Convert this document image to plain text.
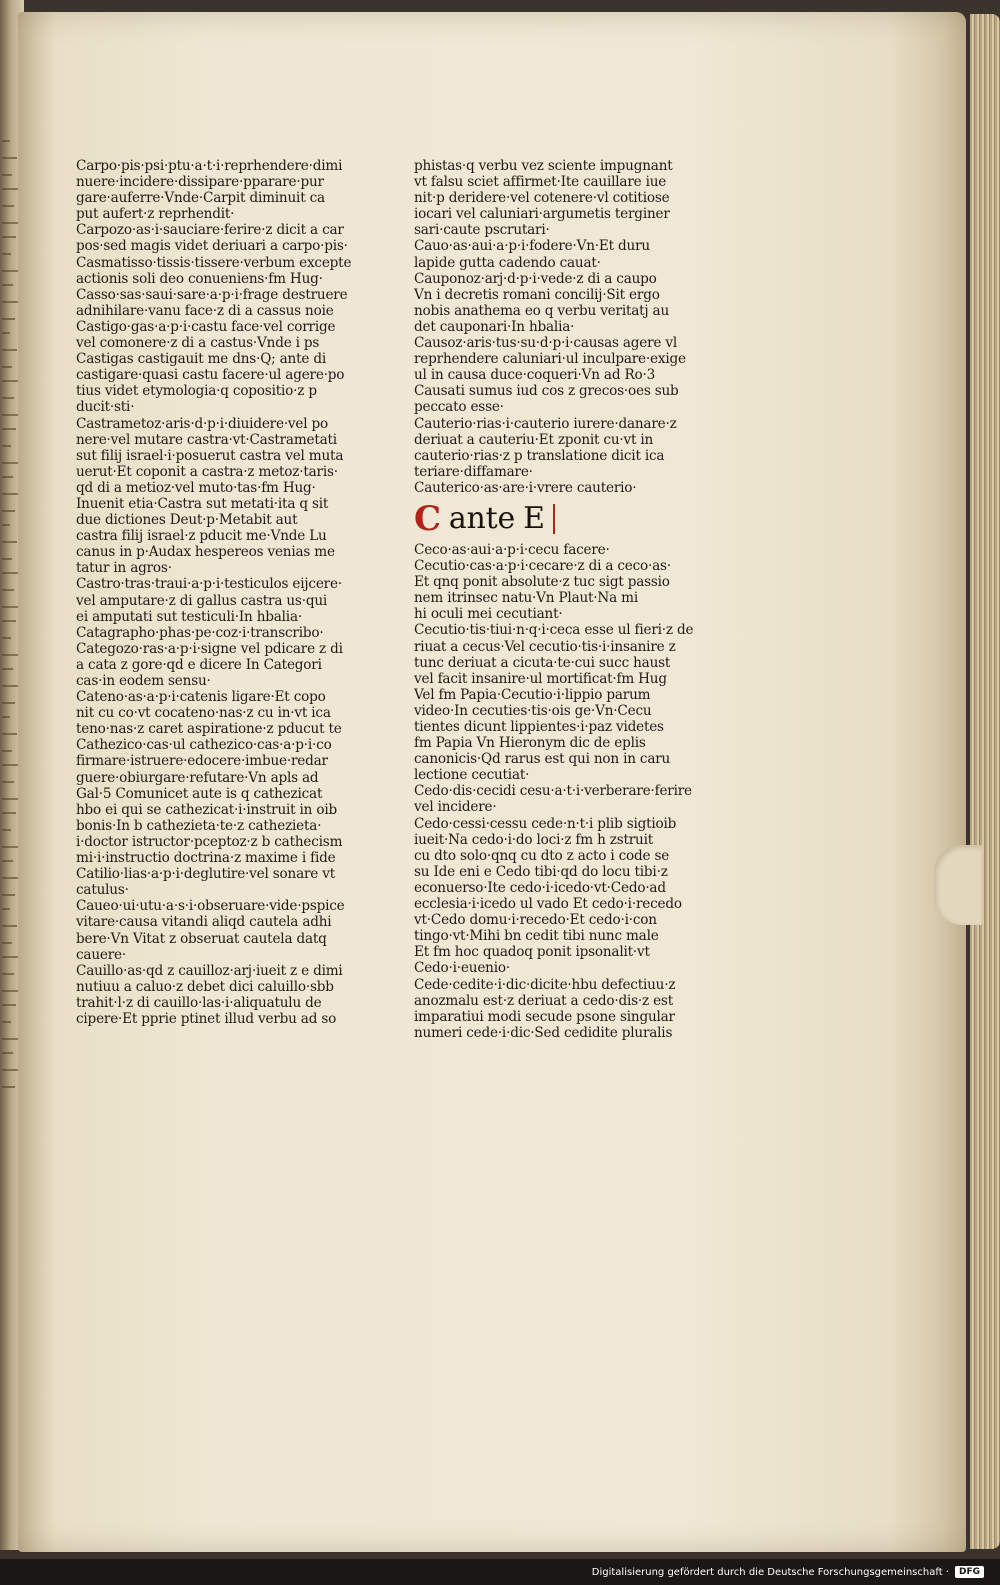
Carpo·pis·psi·ptu·a·t·i·reprhendere·dimi

nuere·incidere·dissipare·pparare·pur

gare·auferre·Vnde·Carpit diminuit ca

put aufert·z reprhendit·

Carpozo·as·i·sauciare·ferire·z dicit a car

pos·sed magis videt deriuari a carpo·pis·

Casmatisso·tissis·tissere·verbum excepte

actionis soli deo conueniens·fm Hug·

Casso·sas·saui·sare·a·p·i·frage destruere

adnihilare·vanu face·z di a cassus noie

Castigo·gas·a·p·i·castu face·vel corrige

vel comonere·z di a castus·Vnde i ps

Castigas castigauit me dns·Q; ante di

castigare·quasi castu facere·ul agere·po

tius videt etymologia·q copositio·z p

ducit·sti·

Castrametoz·aris·d·p·i·diuidere·vel po

nere·vel mutare castra·vt·Castrametati

sut filij israel·i·posuerut castra vel muta

uerut·Et coponit a castra·z metoz·taris·

qd di a metioz·vel muto·tas·fm Hug·

Inuenit etia·Castra sut metati·ita q sit

due dictiones Deut·p·Metabit aut

castra filij israel·z pducit me·Vnde Lu

canus in p·Audax hespereos venias me

tatur in agros·

Castro·tras·traui·a·p·i·testiculos eijcere·

vel amputare·z di gallus castra us·qui

ei amputati sut testiculi·In hbalia·

Catagrapho·phas·pe·coz·i·transcribo·

Categozo·ras·a·p·i·signe vel pdicare z di

a cata z gore·qd e dicere In Categori

cas·in eodem sensu·

Cateno·as·a·p·i·catenis ligare·Et copo

nit cu co·vt cocateno·nas·z cu in·vt ica

teno·nas·z caret aspiratione·z pducut te

Cathezico·cas·ul cathezico·cas·a·p·i·co

firmare·istruere·edocere·imbue·redar

guere·obiurgare·refutare·Vn apls ad

Gal·5 Comunicet aute is q cathezicat

hbo ei qui se cathezicat·i·instruit in oib

bonis·In b cathezieta·te·z cathezieta·

i·doctor istructor·pceptoz·z b cathecism

mi·i·instructio doctrina·z maxime i fide

Catilio·lias·a·p·i·deglutire·vel sonare vt

catulus·

Caueo·ui·utu·a·s·i·obseruare·vide·pspice

vitare·causa vitandi aliqd cautela adhi

bere·Vn Vitat z obseruat cautela datq

cauere·

Cauillo·as·qd z cauilloz·arj·iueit z e dimi

nutiuu a caluo·z debet dici caluillo·sbb

trahit·l·z di cauillo·las·i·aliquatulu de

cipere·Et pprie ptinet illud verbu ad so

phistas·q verbu vez sciente impugnant

vt falsu sciet affirmet·Ite cauillare iue

nit·p deridere·vel cotenere·vl cotitiose

iocari vel caluniari·argumetis terginer

sari·caute pscrutari·

Cauo·as·aui·a·p·i·fodere·Vn·Et duru

lapide gutta cadendo cauat·

Cauponoz·arj·d·p·i·vede·z di a caupo

Vn i decretis romani concilij·Sit ergo

nobis anathema eo q verbu veritatj au

det cauponari·In hbalia·

Causoz·aris·tus·su·d·p·i·causas agere vl

reprhendere caluniari·ul inculpare·exige

ul in causa duce·coqueri·Vn ad Ro·3

Causati sumus iud cos z grecos·oes sub

peccato esse·

Cauterio·rias·i·cauterio iurere·danare·z

deriuat a cauteriu·Et zponit cu·vt in

cauterio·rias·z p translatione dicit ica

teriare·diffamare·

Cauterico·as·are·i·vrere cauterio·

C ante E

Ceco·as·aui·a·p·i·cecu facere·

Cecutio·cas·a·p·i·cecare·z di a ceco·as·

Et qnq ponit absolute·z tuc sigt passio

nem itrinsec natu·Vn Plaut·Na mi

hi oculi mei cecutiant·

Cecutio·tis·tiui·n·q·i·ceca esse ul fieri·z de

riuat a cecus·Vel cecutio·tis·i·insanire z

tunc deriuat a cicuta·te·cui succ haust

vel facit insanire·ul mortificat·fm Hug

Vel fm Papia·Cecutio·i·lippio parum

video·In cecuties·tis·ois ge·Vn·Cecu

tientes dicunt lippientes·i·paz videtes

fm Papia Vn Hieronym dic de eplis

canonicis·Qd rarus est qui non in caru

lectione cecutiat·

Cedo·dis·cecidi cesu·a·t·i·verberare·ferire

vel incidere·

Cedo·cessi·cessu cede·n·t·i plib sigtioib

iueit·Na cedo·i·do loci·z fm h zstruit

cu dto solo·qnq cu dto z acto i code se

su Ide eni e Cedo tibi·qd do locu tibi·z

econuerso·Ite cedo·i·icedo·vt·Cedo·ad

ecclesia·i·icedo ul vado Et cedo·i·recedo

vt·Cedo domu·i·recedo·Et cedo·i·con

tingo·vt·Mihi bn cedit tibi nunc male

Et fm hoc quadoq ponit ipsonalit·vt

Cedo·i·euenio·

Cede·cedite·i·dic·dicite·hbu defectiuu·z

anozmalu est·z deriuat a cedo·dis·z est

imparatiui modi secude psone singular

numeri cede·i·dic·Sed cedidite pluralis

Digitalisierung gefördert durch die Deutsche Forschungsgemeinschaft ·	DFG
